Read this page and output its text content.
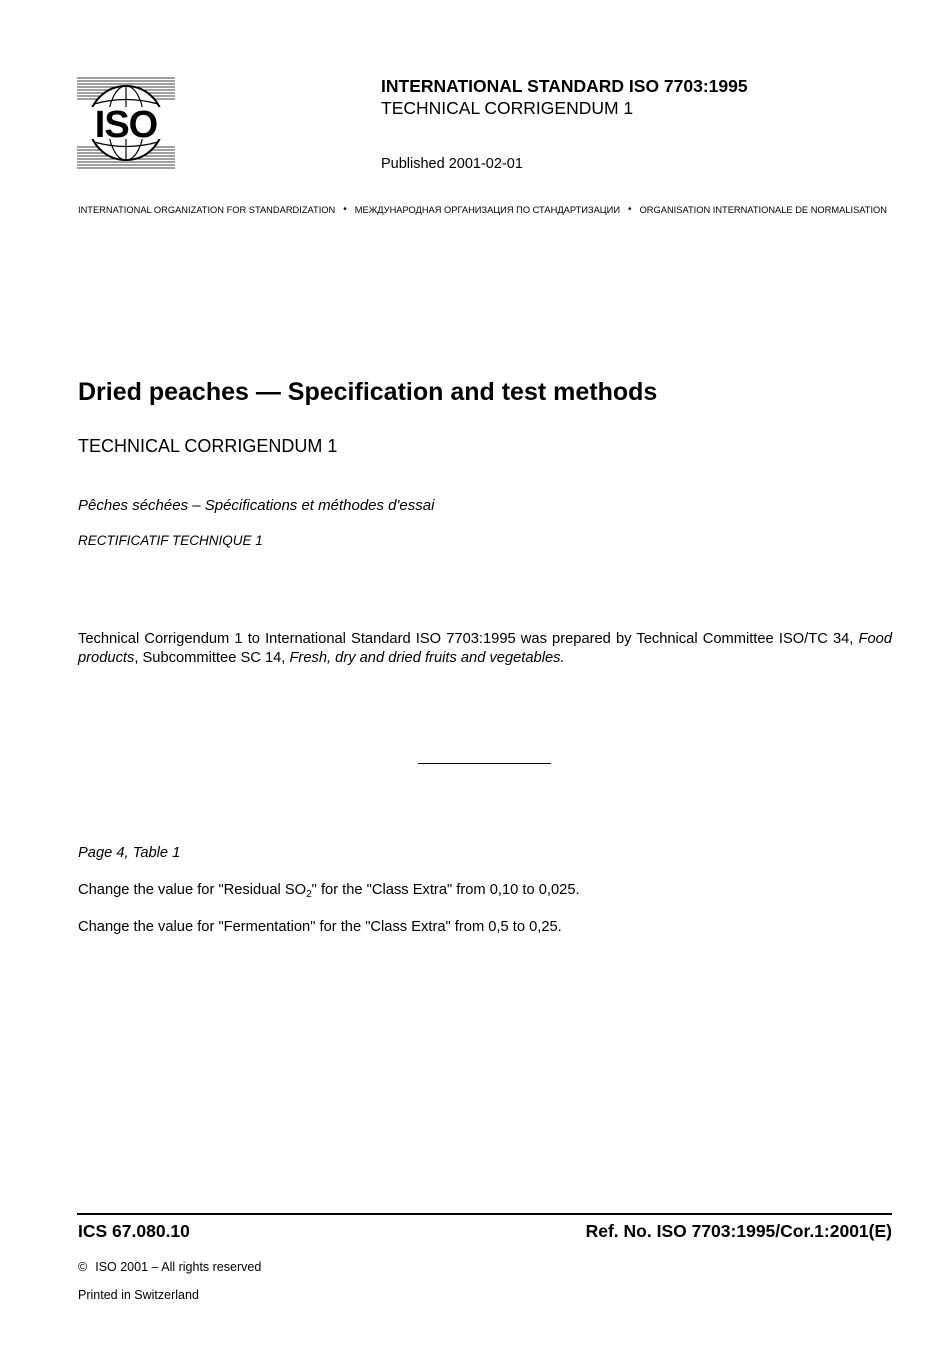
ISO
INTERNATIONAL STANDARD ISO 7703:1995
TECHNICAL CORRIGENDUM 1
Published 2001-02-01
INTERNATIONAL ORGANIZATION FOR STANDARDIZATION • МЕЖДУНАРОДНАЯ ОРГАНИЗАЦИЯ ПО СТАНДАРТИЗАЦИИ • ORGANISATION INTERNATIONALE DE NORMALISATION
Dried peaches — Specification and test methods
TECHNICAL CORRIGENDUM 1
Pêches séchées – Spécifications et méthodes d'essai
RECTIFICATIF TECHNIQUE 1
Technical Corrigendum 1 to International Standard ISO 7703:1995 was prepared by Technical Committee ISO/TC 34, Food products, Subcommittee SC 14, Fresh, dry and dried fruits and vegetables.
Page 4, Table 1
Change the value for "Residual $SO_2$" for the "Class Extra" from 0,10 to 0,025.
Change the value for "Fermentation" for the "Class Extra" from 0,5 to 0,25.
ICS 67.080.10	Ref. No. ISO 7703:1995/Cor.1:2001(E)
© ISO 2001 – All rights reserved
Printed in Switzerland
